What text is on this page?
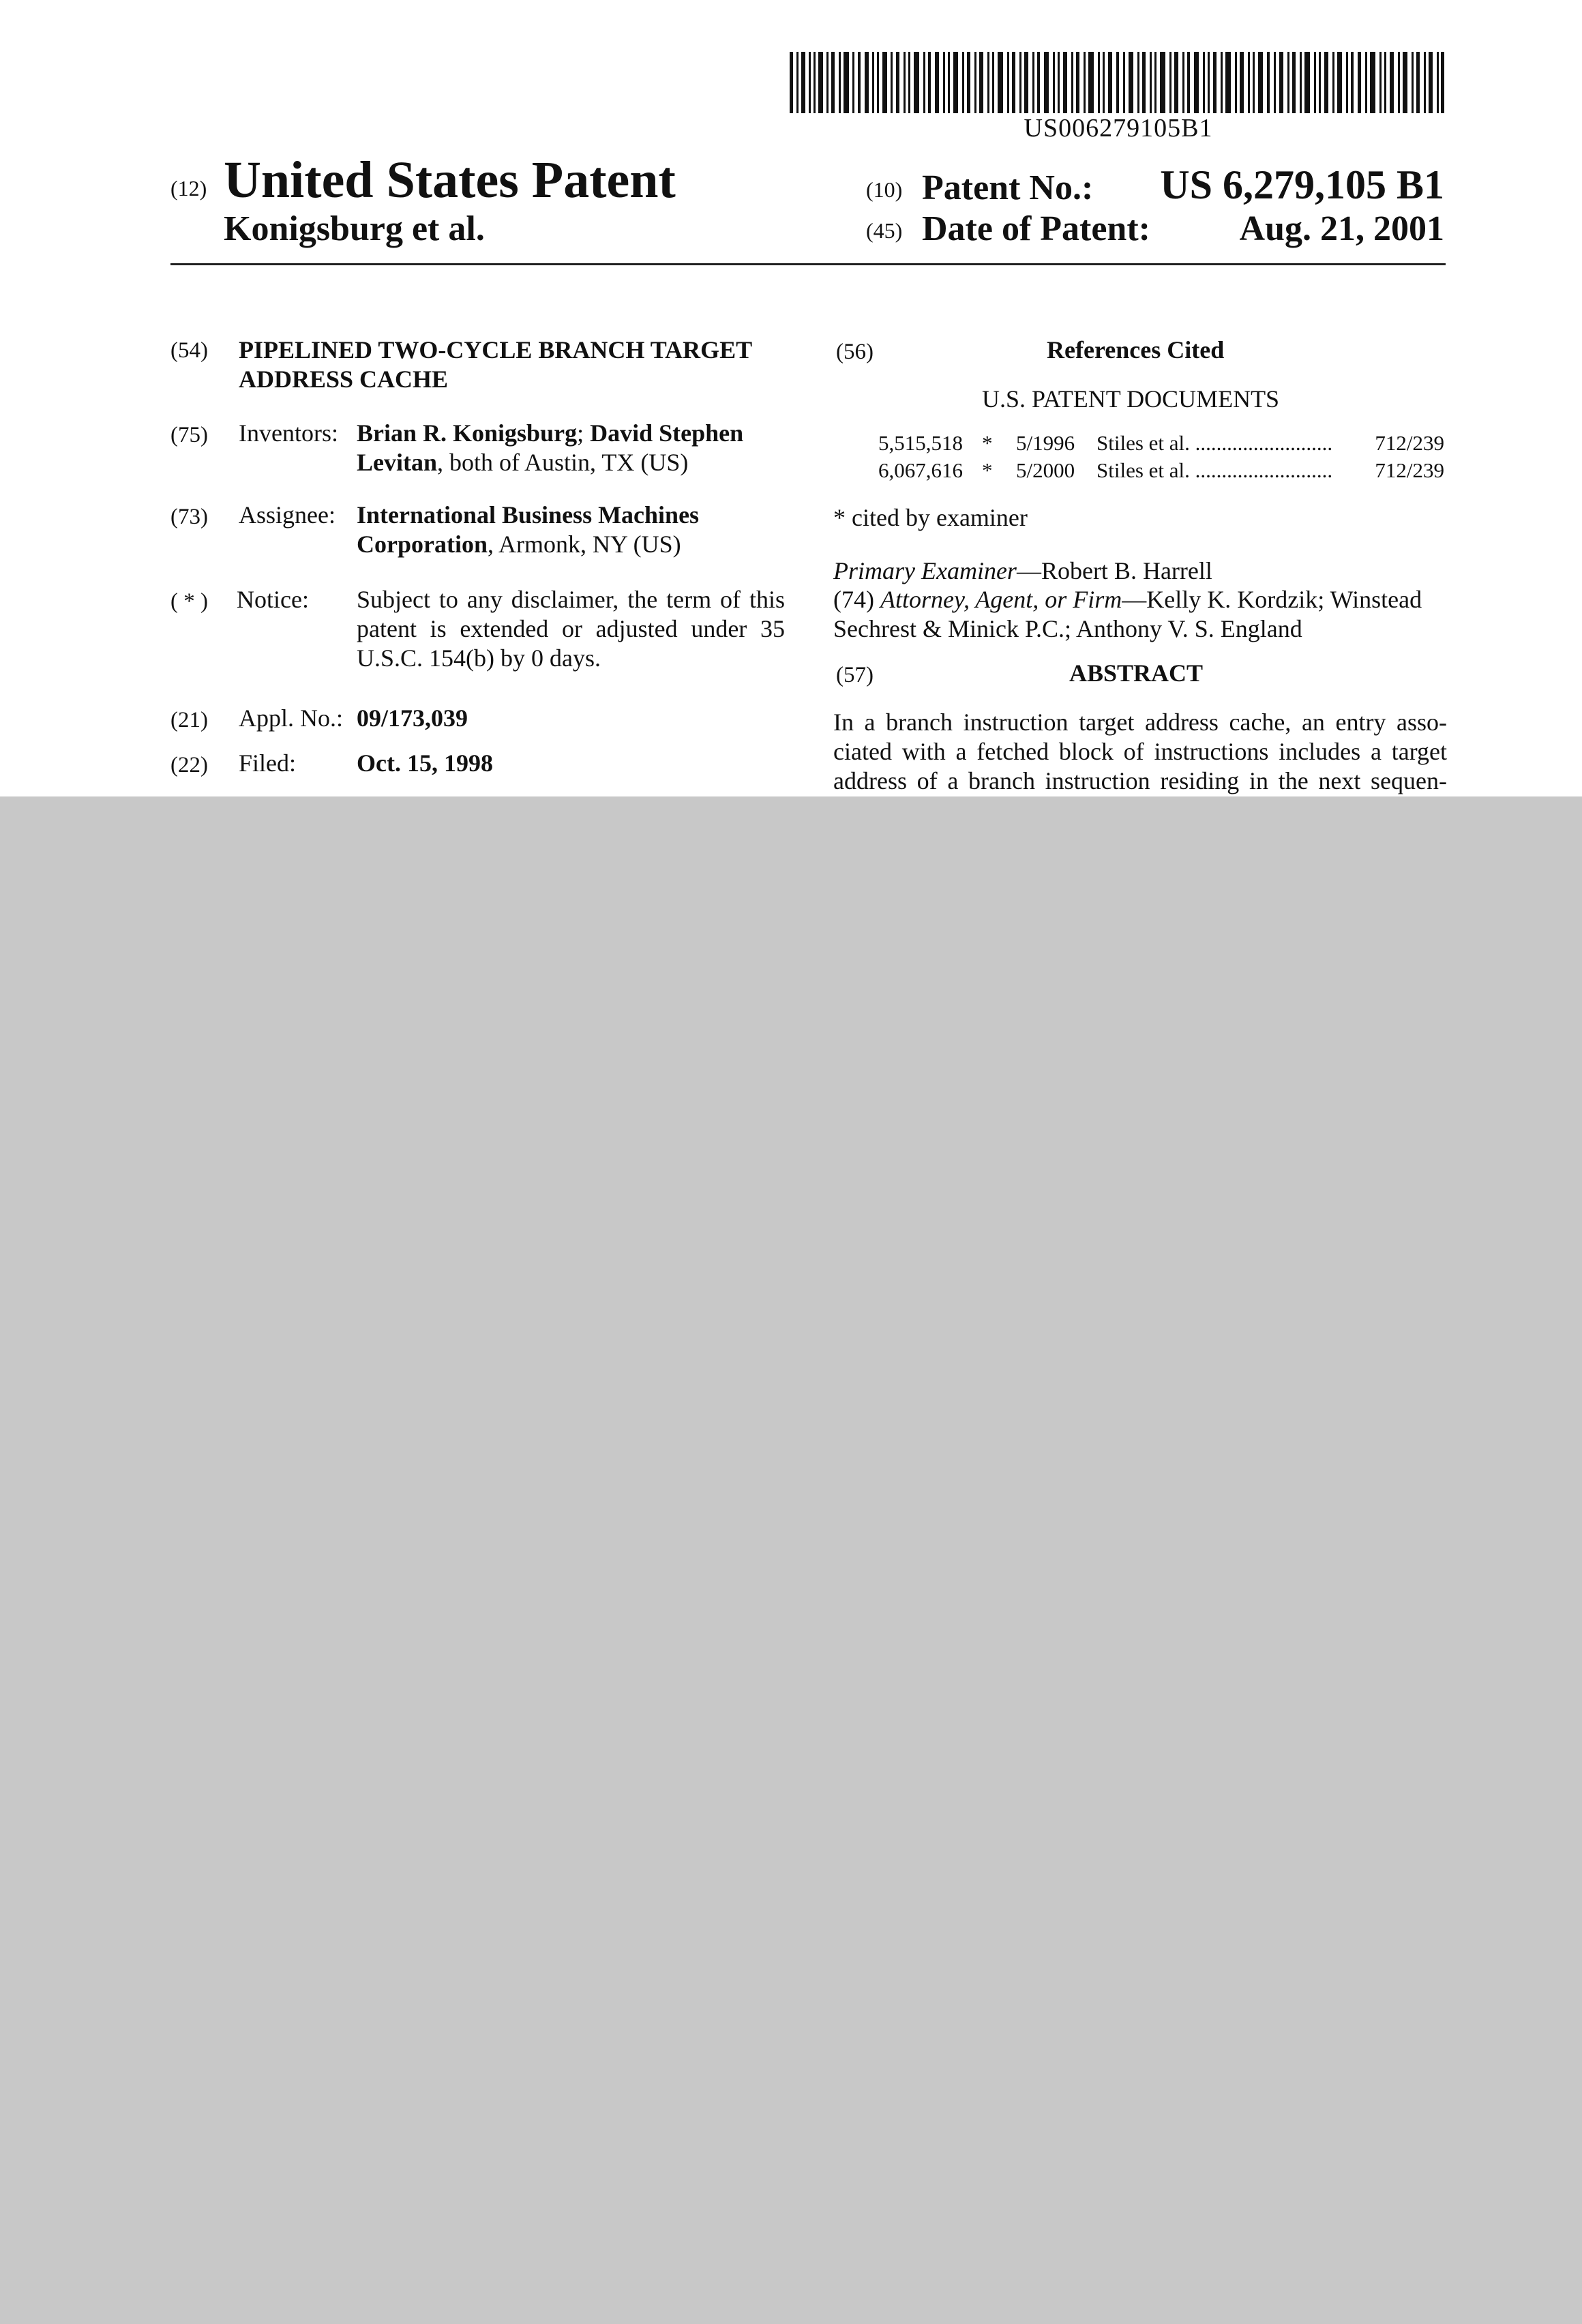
US006279105B1
(12) United States Patent
Konigsburg et al.
(10) Patent No.: US 6,279,105 B1
(45) Date of Patent:	Aug. 21, 2001
(54) PIPELINED TWO-CYCLE BRANCH TARGET
ADDRESS CACHE
(75) Inventors: Brian R. Konigsburg; David Stephen
Levitan, both of Austin, TX (US)
(73) Assignee: International Business Machines
Corporation, Armonk, NY (US)
( * ) Notice: Subject to any disclaimer, the term of this patent is extended or adjusted under 35 U.S.C. 154(b) by 0 days.
(21) Appl. No.: 09/173,039
(22) Filed: Oct. 15, 1998
(56)	References Cited
U.S. PATENT DOCUMENTS
5,515,518 * 5/1996 Stiles et al. .......................... 712/239
6,067,616 * 5/2000 Stiles et al. .......................... 712/239
* cited by examiner
Primary Examiner—Robert B. Harrell
(74) Attorney, Agent, or Firm—Kelly K. Kordzik; Winstead
Sechrest & Minick P.C.; Anthony V. S. England
(57)	ABSTRACT
In a branch instruction target address cache, an entry asso-
ciated with a fetched block of instructions includes a target
address of a branch instruction residing in the next sequen-
